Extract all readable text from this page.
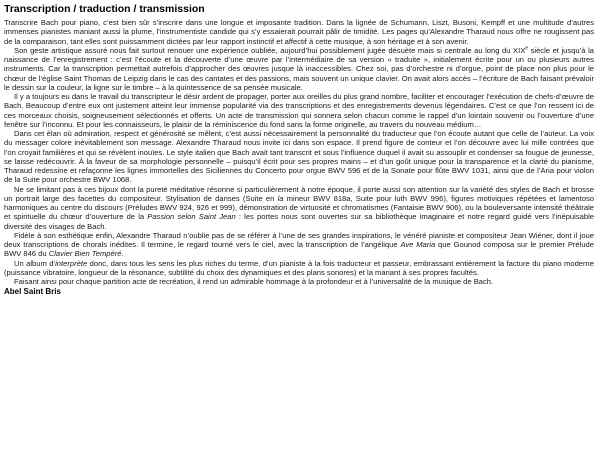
Transcription / traduction / transmission

Transcrire Bach pour piano, c’est bien sûr s’inscrire dans une longue et imposante tradition. Dans la lignée de Schumann, Liszt, Busoni, Kempff et une multitude d’autres immenses pianistes maniant aussi la plume, l’instrumentiste candide qui s’y essaierait pourrait pâlir de timidité. Les pages qu’Alexandre Tharaud nous offre ne rougissent pas de la comparaison, tant elles sont puissamment dictées par leur rapport instinctif et affectif à cette musique, à son héritage et à son avenir.

Son geste artistique assuré nous fait surtout renouer une expérience oubliée, aujourd’hui possiblement jugée désuète mais si centrale au long du XIXe siècle et jusqu’à la naissance de l’enregistrement : c’est l’écoute et la découverte d’une œuvre par l’intermédiaire de sa version « traduite », initialement écrite pour un ou plusieurs autres instruments. Car la transcription permettait autrefois d’approcher des œuvres jusque là inaccessibles. Chez soi, pas d’orchestre ni d’orgue, point de place non plus pour le chœur de l’église Saint Thomas de Leipzig dans le cas des cantates et des passions, mais souvent un unique clavier. On avait alors accès – l’écriture de Bach faisant prévaloir le dessin sur la couleur, la ligne sur le timbre – à la quintessence de sa pensée musicale.

Il y a toujours eu dans le travail du transcripteur le désir ardent de propager, porter aux oreilles du plus grand nombre, faciliter et encourager l’exécution de chefs-d’œuvre de Bach. Beaucoup d’entre eux ont justement atteint leur immense popularité via des transcriptions et des enregistrements devenus légendaires. C’est ce que l’on ressent ici de ces morceaux choisis, soigneusement sélectionnés et offerts. Un acte de transmission qui sonnera selon chacun comme le rappel d’un lointain souvenir ou l’ouverture d’une fenêtre sur l’inconnu. Et pour les connaisseurs, le plaisir de la réminiscence du fond sans la forme originelle, au travers du nouveau médium…

Dans cet élan où admiration, respect et générosité se mêlent, c’est aussi nécessairement la personnalité du traducteur que l’on écoute autant que celle de l’auteur. La voix du messager colore inévitablement son message. Alexandre Tharaud nous invite ici dans son espace. Il prend figure de conteur et l’on découvre avec lui mille contrées que l’on croyait familières et qui se révèlent inouïes. Le style italien que Bach avait tant transcrit et sous l’influence duquel il avait su assouplir et condenser sa fougue de jeunesse, se laisse redécouvrir. À la faveur de sa morphologie personnelle – puisqu’il écrit pour ses propres mains – et d’un goût unique pour la transparence et la clarté du pianisme, Tharaud redessine et refaçonne les lignes immortelles des Siciliennes du Concerto pour orgue BWV 596 et de la Sonate pour flûte BWV 1031, ainsi que de l’Aria pour violon de la Suite pour orchestre BWV 1068.

Ne se limitant pas à ces bijoux dont la pureté méditative résonne si particulièrement à notre époque, il porte aussi son attention sur la variété des styles de Bach et brosse un portrait large des facettes du compositeur. Stylisation de danses (Suite en la mineur BWV 818a, Suite pour luth BWV 996), figures motiviques répétées et lamentoso harmoniques au centre du discours (Préludes BWV 924, 926 et 999), démonstration de virtuosité et chromatismes (Fantaisie BWV 906), ou la bouleversante intensité théâtrale et spirituelle du chœur d’ouverture de la Passion selon Saint Jean : les portes nous sont ouvertes sur sa bibliothèque imaginaire et notre regard guidé vers l’inépuisable diversité des visages de Bach.

Fidèle à son esthétique enfin, Alexandre Tharaud n’oublie pas de se référer à l’une de ses grandes inspirations, le vénéré pianiste et compositeur Jean Wiéner, dont il joue deux transcriptions de chorals inédites. Il termine, le regard tourné vers le ciel, avec la transcription de l’angélique Ave Maria que Gounod composa sur le premier Prélude BWV 846 du Clavier Bien Tempéré.

Un album d’interprète donc, dans tous les sens les plus riches du terme, d’un pianiste à la fois traducteur et passeur, embrassant entièrement la facture du piano moderne (puissance vibratoire, longueur de la résonance, subtilité du choix des dynamiques et des plans sonores) et la mariant à ses propres facultés.

Faisant ainsi pour chaque partition acte de recréation, il rend un admirable hommage à la profondeur et à l’universalité de la musique de Bach.

Abel Saint Bris
